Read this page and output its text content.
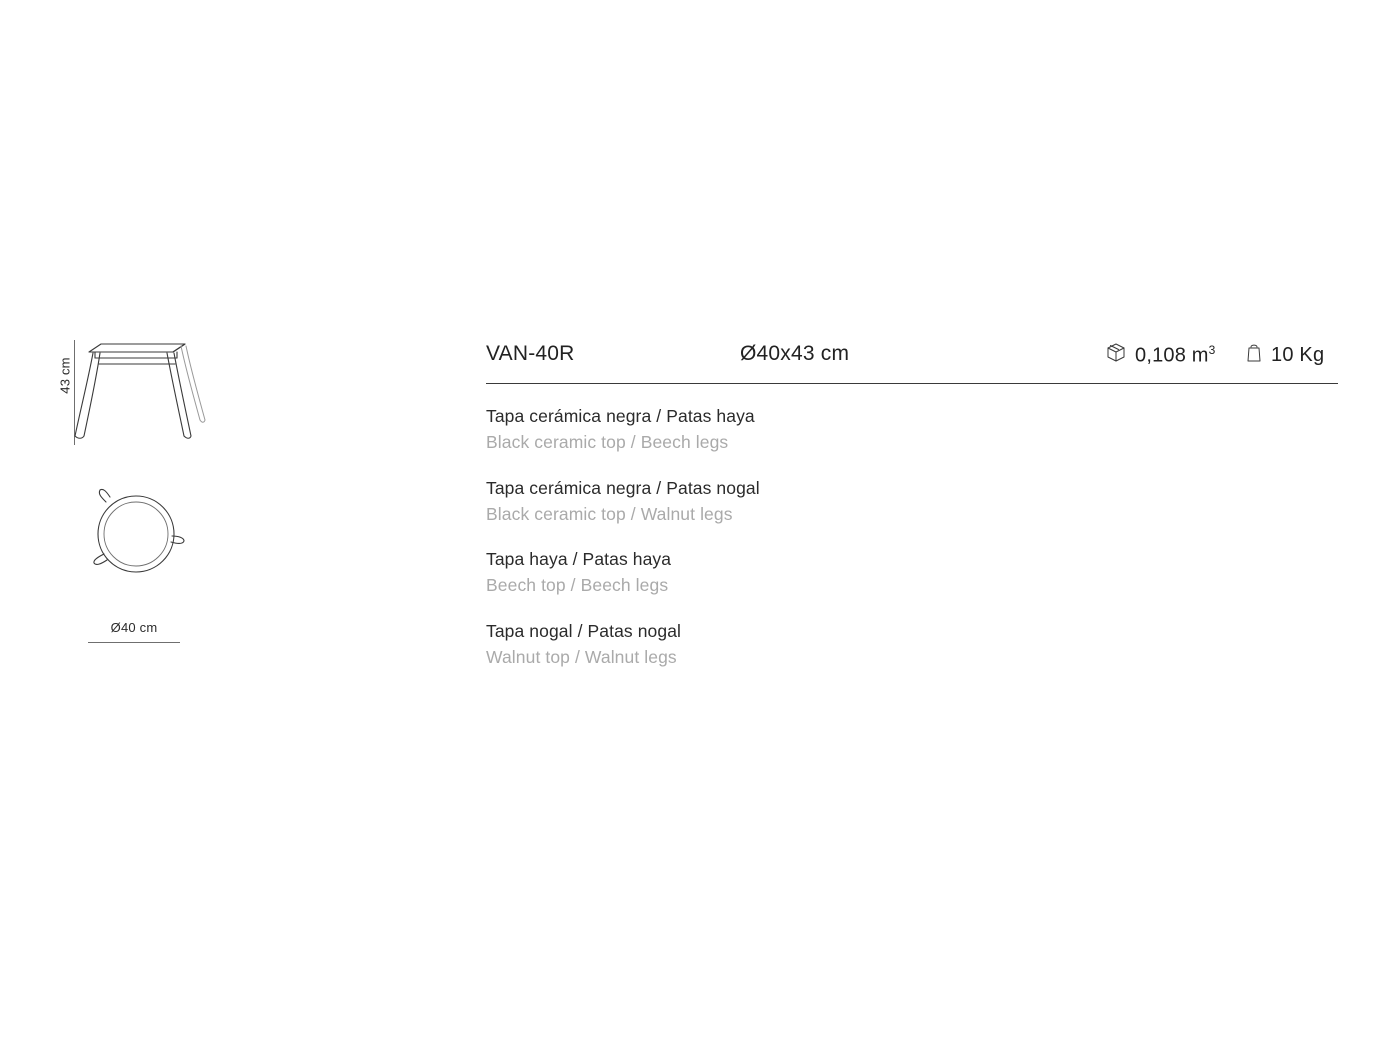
43 cm
Ø40 cm
VAN-40R	Ø40x43 cm	0,108 $m^3$	10 Kg
Tapa cerámica negra / Patas haya
Black ceramic top / Beech legs
Tapa cerámica negra / Patas nogal
Black ceramic top / Walnut legs
Tapa haya / Patas haya
Beech top / Beech legs
Tapa nogal / Patas nogal
Walnut top / Walnut legs
